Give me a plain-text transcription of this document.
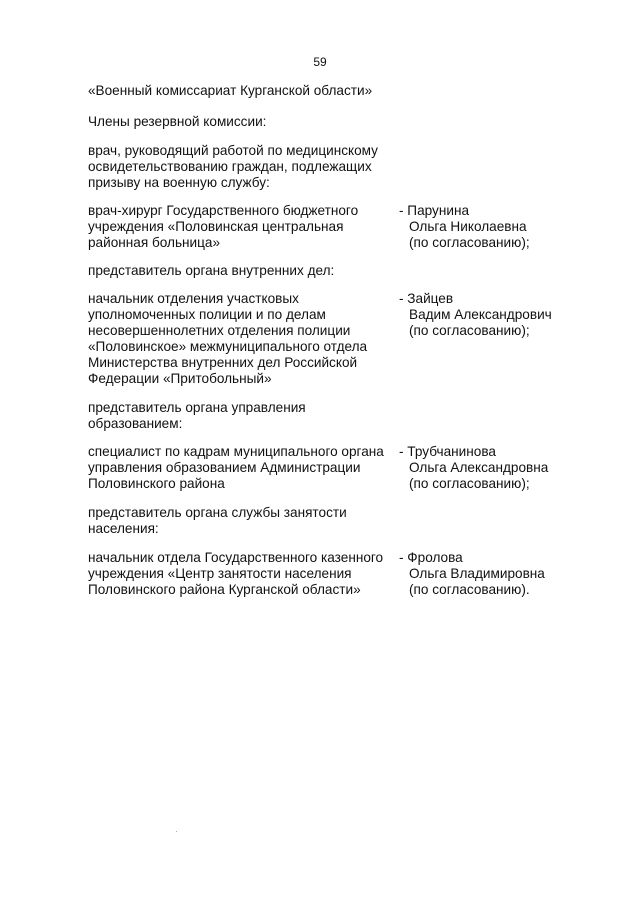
59
«Военный комиссариат Курганской области»
Члены резервной комиссии:
врач, руководящий работой по медицинскому
освидетельствованию граждан, подлежащих
призыву на военную службу:
врач-хирург Государственного бюджетного
учреждения «Половинская центральная
районная больница»
- Парунина
Ольга Николаевна
(по согласованию);
представитель органа внутренних дел:
начальник отделения участковых
уполномоченных полиции и по делам
несовершеннолетних отделения полиции
«Половинское» межмуниципального отдела
Министерства внутренних дел Российской
Федерации «Притобольный»
- Зайцев
Вадим Александрович
(по согласованию);
представитель органа управления
образованием:
специалист по кадрам муниципального органа
управления образованием Администрации
Половинского района
- Трубчанинова
Ольга Александровна
(по согласованию);
представитель органа службы занятости
населения:
начальник отдела Государственного казенного
учреждения «Центр занятости населения
Половинского района Курганской области»
- Фролова
Ольга Владимировна
(по согласованию).
